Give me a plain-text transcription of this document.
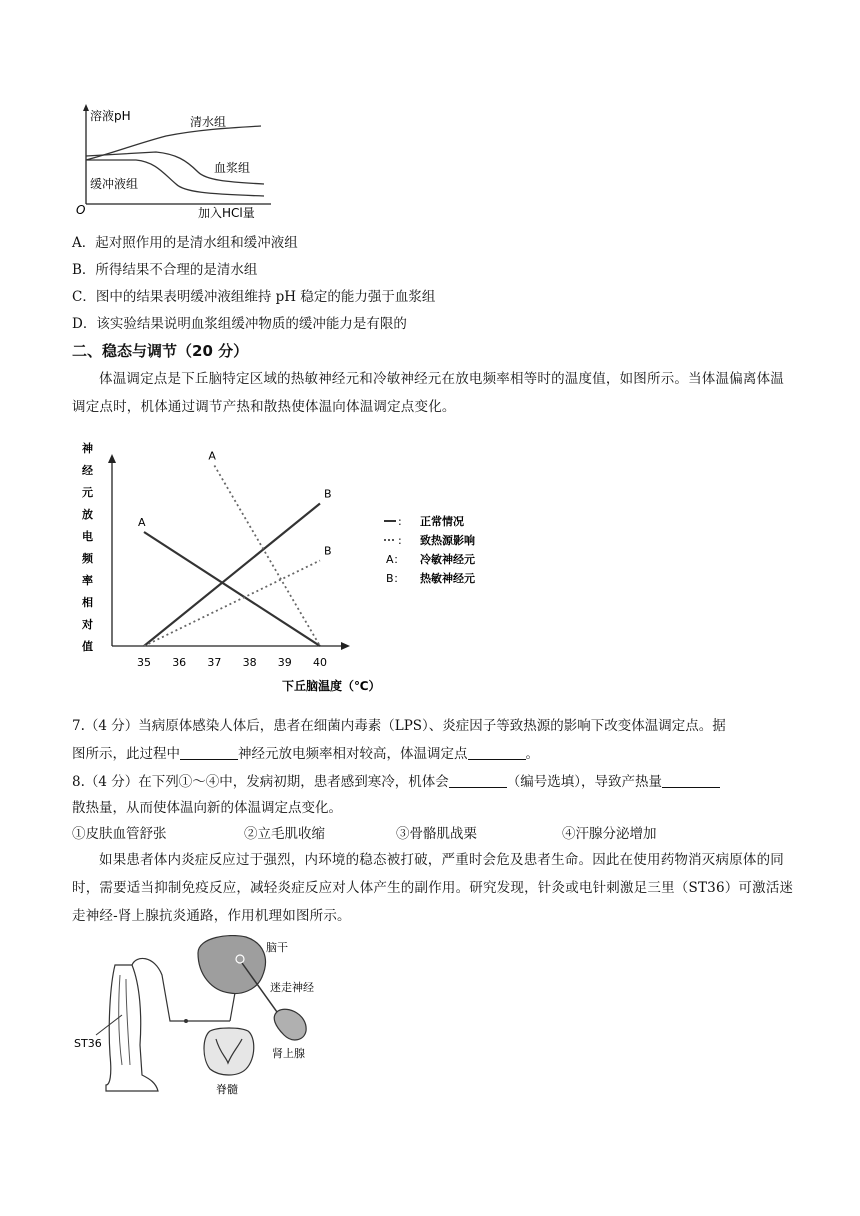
溶液pH
O	加入HCl量
清水组
血浆组
缓冲液组
A．起对照作用的是清水组和缓冲液组
B．所得结果不合理的是清水组
C．图中的结果表明缓冲液组维持 pH 稳定的能力强于血浆组
D．该实验结果说明血浆组缓冲物质的缓冲能力是有限的
二、稳态与调节（20 分）
体温调定点是下丘脑特定区域的热敏神经元和冷敏神经元在放电频率相等时的温度值，如图所示。当体温偏离体温调定点时，机体通过调节产热和散热使体温向体温调定点变化。
神
经
元
放
电
频
率
相
对
值
35 36 37 38 39 40
A
B
A
B
下丘脑温度（℃）
:
:
A：
B：
正常情况
致热源影响
冷敏神经元
热敏神经元
7.（4 分）当病原体感染人体后，患者在细菌内毒素（LPS）、炎症因子等致热源的影响下改变体温调定点。据
图所示，此过程中	神经元放电频率相对较高，体温调定点	。
8.（4 分）在下列①～④中，发病初期，患者感到寒冷，机体会	（编号选填），导致产热量
散热量，从而使体温向新的体温调定点变化。
①皮肤血管舒张	②立毛肌收缩	③骨骼肌战栗	④汗腺分泌增加
如果患者体内炎症反应过于强烈，内环境的稳态被打破，严重时会危及患者生命。因此在使用药物消灭病原体的同时，需要适当抑制免疫反应，减轻炎症反应对人体产生的副作用。研究发现，针灸或电针刺激足三里（ST36）可激活迷走神经-肾上腺抗炎通路，作用机理如图所示。
ST36
脊髓
脑干
迷走神经
肾上腺
